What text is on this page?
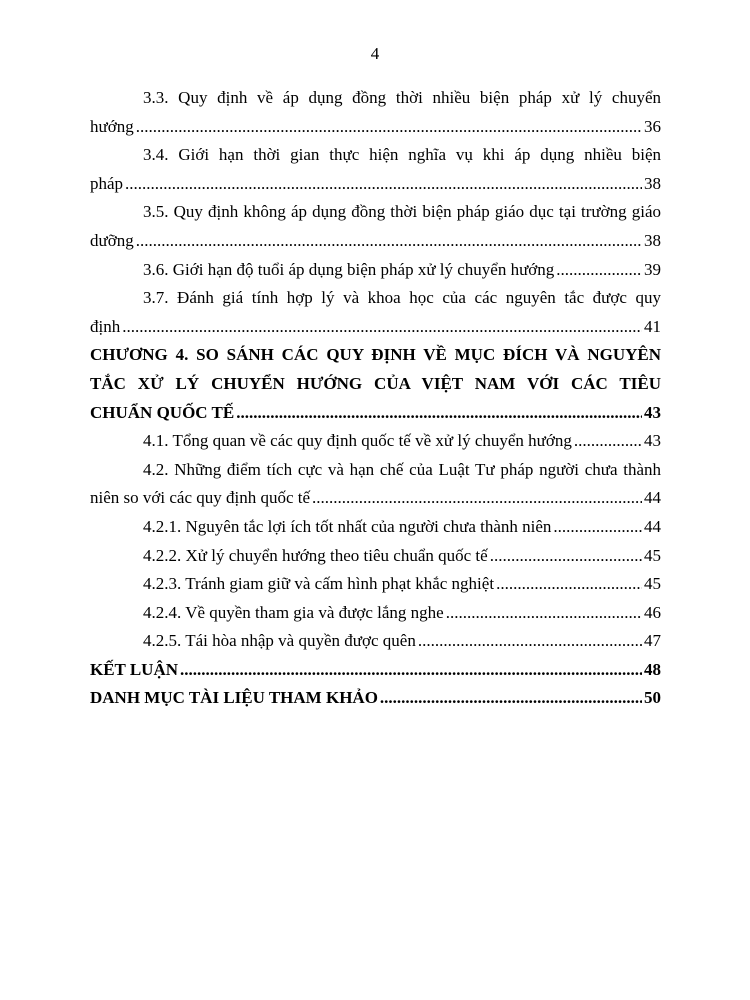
4
3.3. Quy định về áp dụng đồng thời nhiều biện pháp xử lý chuyển
hướng .....	36
3.4. Giới hạn thời gian thực hiện nghĩa vụ khi áp dụng nhiều biện
pháp .....	38
3.5. Quy định không áp dụng đồng thời biện pháp giáo dục tại trường giáo
dưỡng .....	38
3.6. Giới hạn độ tuổi áp dụng biện pháp xử lý chuyển hướng .....	39
3.7. Đánh giá tính hợp lý và khoa học của các nguyên tắc được quy
định .....	41
CHƯƠNG 4. SO SÁNH CÁC QUY ĐỊNH VỀ MỤC ĐÍCH VÀ NGUYÊN
TẮC XỬ LÝ CHUYỂN HƯỚNG CỦA VIỆT NAM VỚI CÁC TIÊU
CHUẨN QUỐC TẾ .....	43
4.1. Tổng quan về các quy định quốc tế về xử lý chuyển hướng .....	43
4.2. Những điểm tích cực và hạn chế của Luật Tư pháp người chưa thành
niên so với các quy định quốc tế .....	44
4.2.1. Nguyên tắc lợi ích tốt nhất của người chưa thành niên .....	44
4.2.2. Xử lý chuyển hướng theo tiêu chuẩn quốc tế .....	45
4.2.3. Tránh giam giữ và cấm hình phạt khắc nghiệt .....	45
4.2.4. Về quyền tham gia và được lắng nghe .....	46
4.2.5. Tái hòa nhập và quyền được quên .....	47
KẾT LUẬN .....	48
DANH MỤC TÀI LIỆU THAM KHẢO .....	50
